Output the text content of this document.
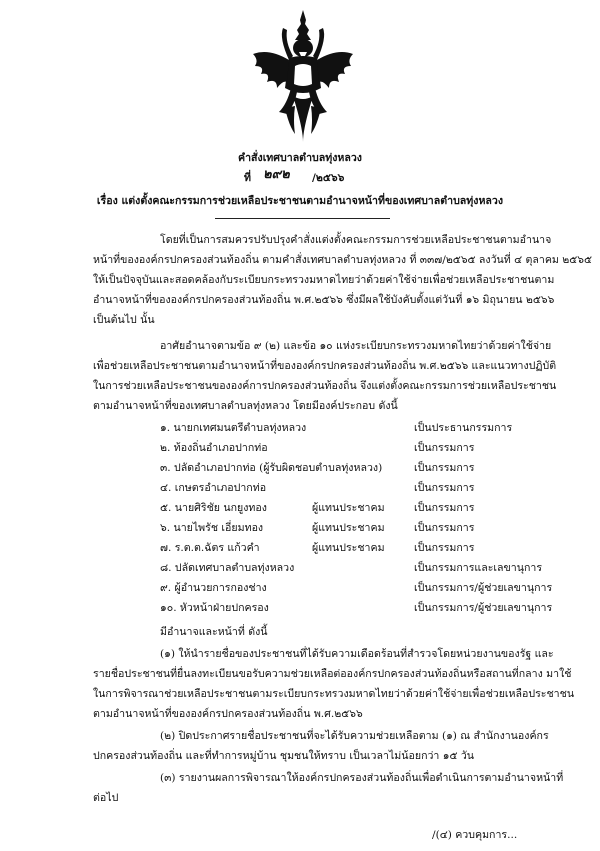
คำสั่งเทศบาลตำบลทุ่งหลวง
ที่ ๒๙๒ /๒๕๖๖
เรื่อง แต่งตั้งคณะกรรมการช่วยเหลือประชาชนตามอำนาจหน้าที่ของเทศบาลตำบลทุ่งหลวง
โดยที่เป็นการสมควรปรับปรุงคำสั่งแต่งตั้งคณะกรรมการช่วยเหลือประชาชนตามอำนาจ
หน้าที่ขององค์กรปกครองส่วนท้องถิ่น ตามคำสั่งเทศบาลตำบลทุ่งหลวง ที่ ๓๓๗/๒๕๖๕ ลงวันที่ ๔ ตุลาคม ๒๕๖๕
ให้เป็นปัจจุบันและสอดคล้องกับระเบียบกระทรวงมหาดไทยว่าด้วยค่าใช้จ่ายเพื่อช่วยเหลือประชาชนตาม
อำนาจหน้าที่ขององค์กรปกครองส่วนท้องถิ่น พ.ศ.๒๕๖๖ ซึ่งมีผลใช้บังคับตั้งแต่วันที่ ๑๖ มิถุนายน ๒๕๖๖
เป็นต้นไป นั้น
อาศัยอำนาจตามข้อ ๙ (๒) และข้อ ๑๐ แห่งระเบียบกระทรวงมหาดไทยว่าด้วยค่าใช้จ่าย
เพื่อช่วยเหลือประชาชนตามอำนาจหน้าที่ขององค์กรปกครองส่วนท้องถิ่น พ.ศ.๒๕๖๖ และแนวทางปฏิบัติ
ในการช่วยเหลือประชาชนขององค์การปกครองส่วนท้องถิ่น จึงแต่งตั้งคณะกรรมการช่วยเหลือประชาชน
ตามอำนาจหน้าที่ของเทศบาลตำบลทุ่งหลวง โดยมีองค์ประกอบ ดังนี้
๑. นายกเทศมนตรีตำบลทุ่งหลวง	เป็นประธานกรรมการ
๒. ท้องถิ่นอำเภอปากท่อ	เป็นกรรมการ
๓. ปลัดอำเภอปากท่อ (ผู้รับผิดชอบตำบลทุ่งหลวง)	เป็นกรรมการ
๔. เกษตรอำเภอปากท่อ	เป็นกรรมการ
๕. นายศิริชัย นกยูงทอง	ผู้แทนประชาคม	เป็นกรรมการ
๖. นายไพรัช เอี่ยมทอง	ผู้แทนประชาคม	เป็นกรรมการ
๗. ร.ต.ต.ฉัตร แก้วคำ	ผู้แทนประชาคม	เป็นกรรมการ
๘. ปลัดเทศบาลตำบลทุ่งหลวง	เป็นกรรมการและเลขานุการ
๙. ผู้อำนวยการกองช่าง	เป็นกรรมการ/ผู้ช่วยเลขานุการ
๑๐. หัวหน้าฝ่ายปกครอง	เป็นกรรมการ/ผู้ช่วยเลขานุการ
มีอำนาจและหน้าที่ ดังนี้
(๑) ให้นำรายชื่อของประชาชนที่ได้รับความเดือดร้อนที่สำรวจโดยหน่วยงานของรัฐ และ
รายชื่อประชาชนที่ยื่นลงทะเบียนขอรับความช่วยเหลือต่อองค์กรปกครองส่วนท้องถิ่นหรือสถานที่กลาง มาใช้
ในการพิจารณาช่วยเหลือประชาชนตามระเบียบกระทรวงมหาดไทยว่าด้วยค่าใช้จ่ายเพื่อช่วยเหลือประชาชน
ตามอำนาจหน้าที่ขององค์กรปกครองส่วนท้องถิ่น พ.ศ.๒๕๖๖
(๒) ปิดประกาศรายชื่อประชาชนที่จะได้รับความช่วยเหลือตาม (๑) ณ สำนักงานองค์กร
ปกครองส่วนท้องถิ่น และที่ทำการหมู่บ้าน ชุมชนให้ทราบ เป็นเวลาไม่น้อยกว่า ๑๕ วัน
(๓) รายงานผลการพิจารณาให้องค์กรปกครองส่วนท้องถิ่นเพื่อดำเนินการตามอำนาจหน้าที่
ต่อไป
/(๔) ควบคุมการ...
